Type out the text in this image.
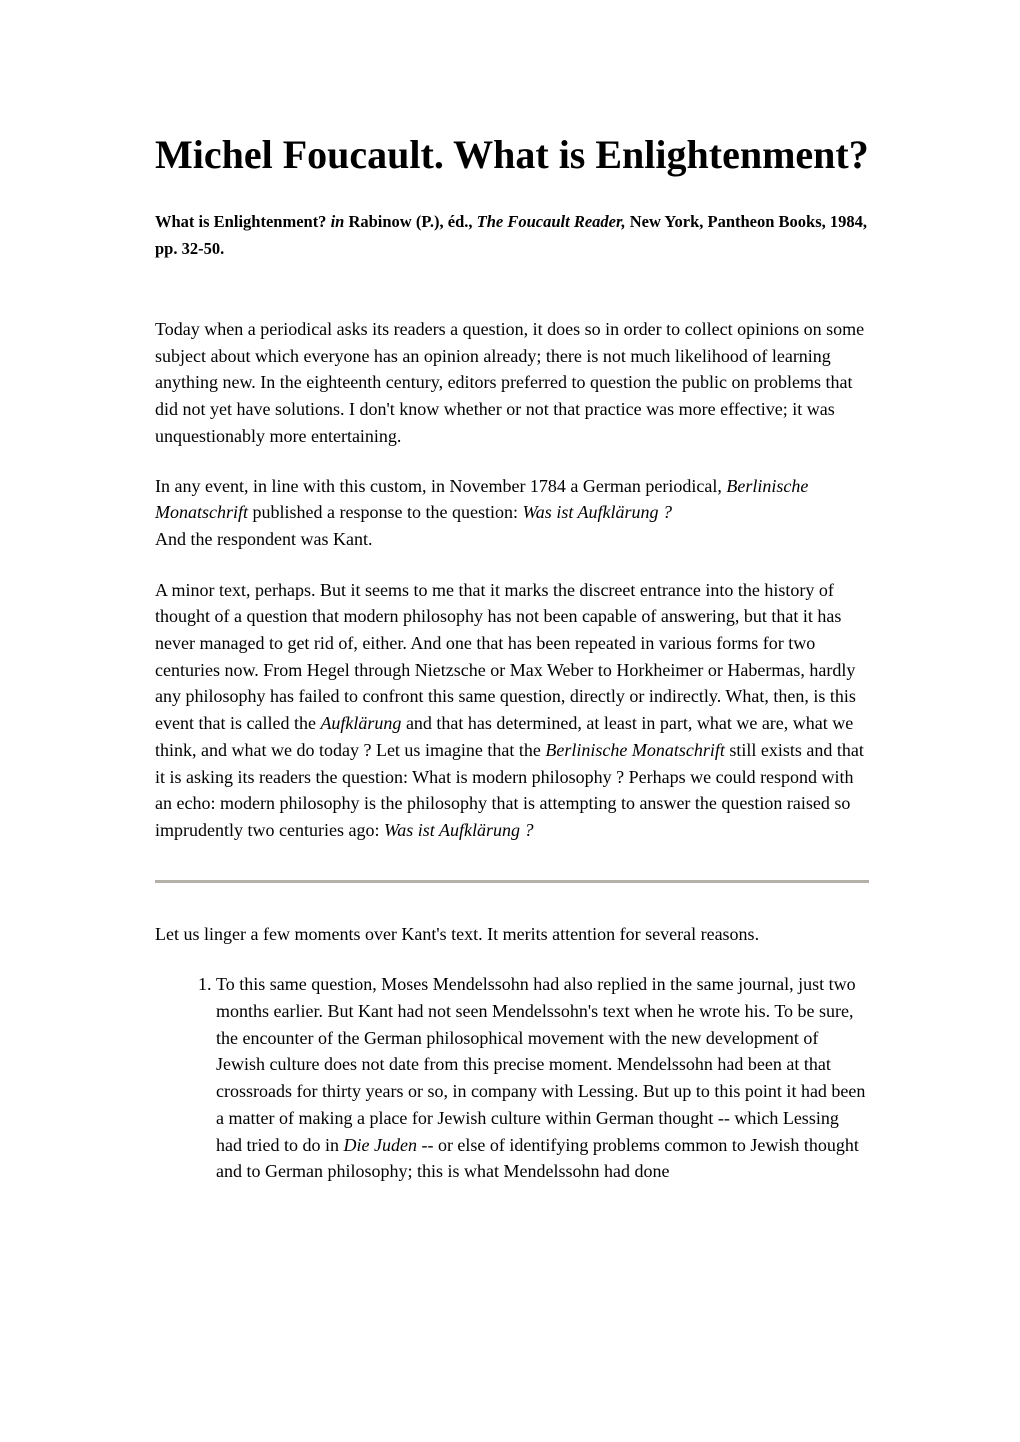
Michel Foucault. What is Enlightenment?
What is Enlightenment? in Rabinow (P.), éd., The Foucault Reader, New York, Pantheon Books, 1984, pp. 32-50.

Today when a periodical asks its readers a question, it does so in order to collect opinions on some subject about which everyone has an opinion already; there is not much likelihood of learning anything new. In the eighteenth century, editors preferred to question the public on problems that did not yet have solutions. I don't know whether or not that practice was more effective; it was unquestionably more entertaining.

In any event, in line with this custom, in November 1784 a German periodical, Berlinische Monatschrift published a response to the question: Was ist Aufklärung ?
And the respondent was Kant.

A minor text, perhaps. But it seems to me that it marks the discreet entrance into the history of thought of a question that modern philosophy has not been capable of answering, but that it has never managed to get rid of, either. And one that has been repeated in various forms for two centuries now. From Hegel through Nietzsche or Max Weber to Horkheimer or Habermas, hardly any philosophy has failed to confront this same question, directly or indirectly. What, then, is this event that is called the Aufklärung and that has determined, at least in part, what we are, what we think, and what we do today ? Let us imagine that the Berlinische Monatschrift still exists and that it is asking its readers the question: What is modern philosophy ? Perhaps we could respond with an echo: modern philosophy is the philosophy that is attempting to answer the question raised so imprudently two centuries ago: Was ist Aufklärung ?

Let us linger a few moments over Kant's text. It merits attention for several reasons.

1. To this same question, Moses Mendelssohn had also replied in the same journal, just two months earlier. But Kant had not seen Mendelssohn's text when he wrote his. To be sure, the encounter of the German philosophical movement with the new development of Jewish culture does not date from this precise moment. Mendelssohn had been at that crossroads for thirty years or so, in company with Lessing. But up to this point it had been a matter of making a place for Jewish culture within German thought -- which Lessing had tried to do in Die Juden -- or else of identifying problems common to Jewish thought and to German philosophy; this is what Mendelssohn had done
